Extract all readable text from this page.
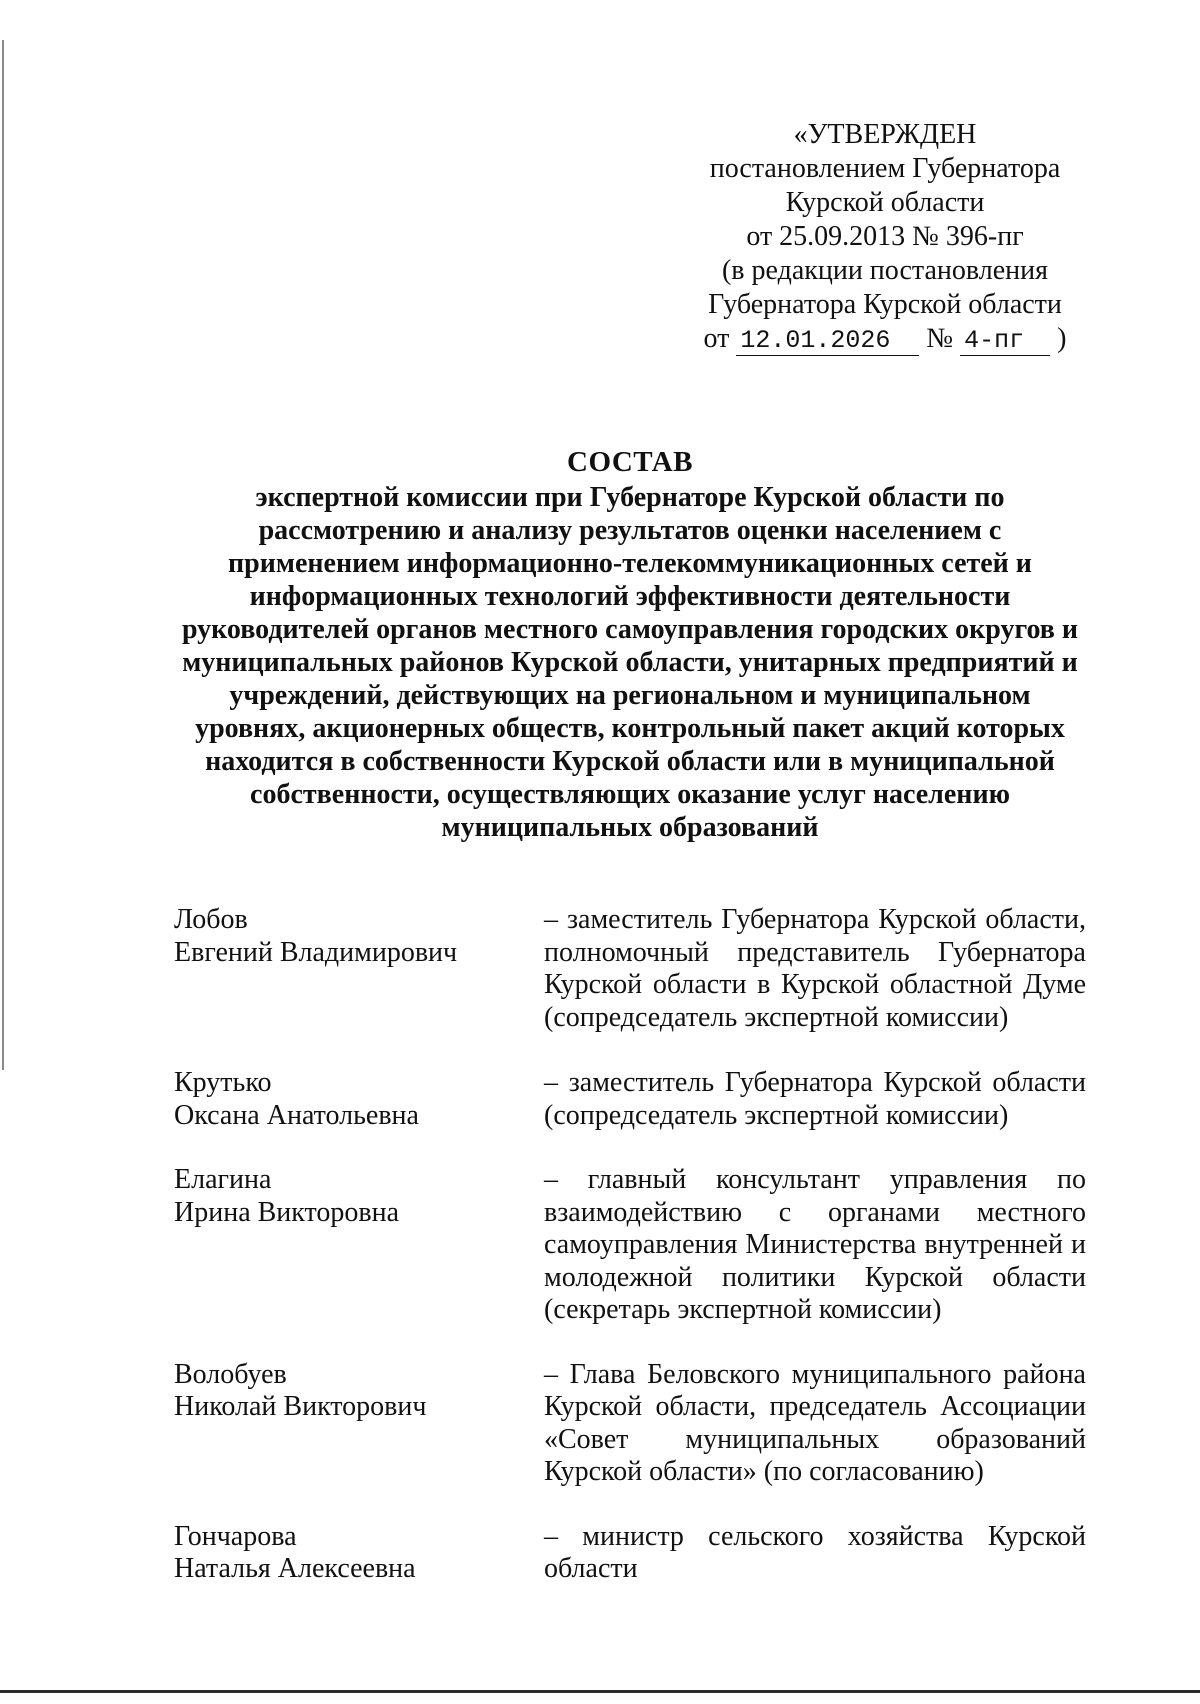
«УТВЕРЖДЕН
постановлением Губернатора
Курской области
от 25.09.2013 № 396-пг
(в редакции постановления
Губернатора Курской области
от 12.01.2026 № 4-пг )
СОСТАВ
экспертной комиссии при Губернаторе Курской области по
рассмотрению и анализу результатов оценки населением с
применением информационно-телекоммуникационных сетей и
информационных технологий эффективности деятельности
руководителей органов местного самоуправления городских округов и
муниципальных районов Курской области, унитарных предприятий и
учреждений, действующих на региональном и муниципальном
уровнях, акционерных обществ, контрольный пакет акций которых
находится в собственности Курской области или в муниципальной
собственности, осуществляющих оказание услуг населению
муниципальных образований
Лобов
Евгений Владимирович
– заместитель Губернатора Курской области, полномочный представитель Губернатора Курской области в Курской областной Думе (сопредседатель экспертной комиссии)
Крутько
Оксана Анатольевна
– заместитель Губернатора Курской области (сопредседатель экспертной комиссии)
Елагина
Ирина Викторовна
– главный консультант управления по взаимодействию с органами местного самоуправления Министерства внутренней и молодежной политики Курской области (секретарь экспертной комиссии)
Волобуев
Николай Викторович
– Глава Беловского муниципального района Курской области, председатель Ассоциации «Совет муниципальных образований Курской области» (по согласованию)
Гончарова
Наталья Алексеевна
– министр сельского хозяйства Курской области
